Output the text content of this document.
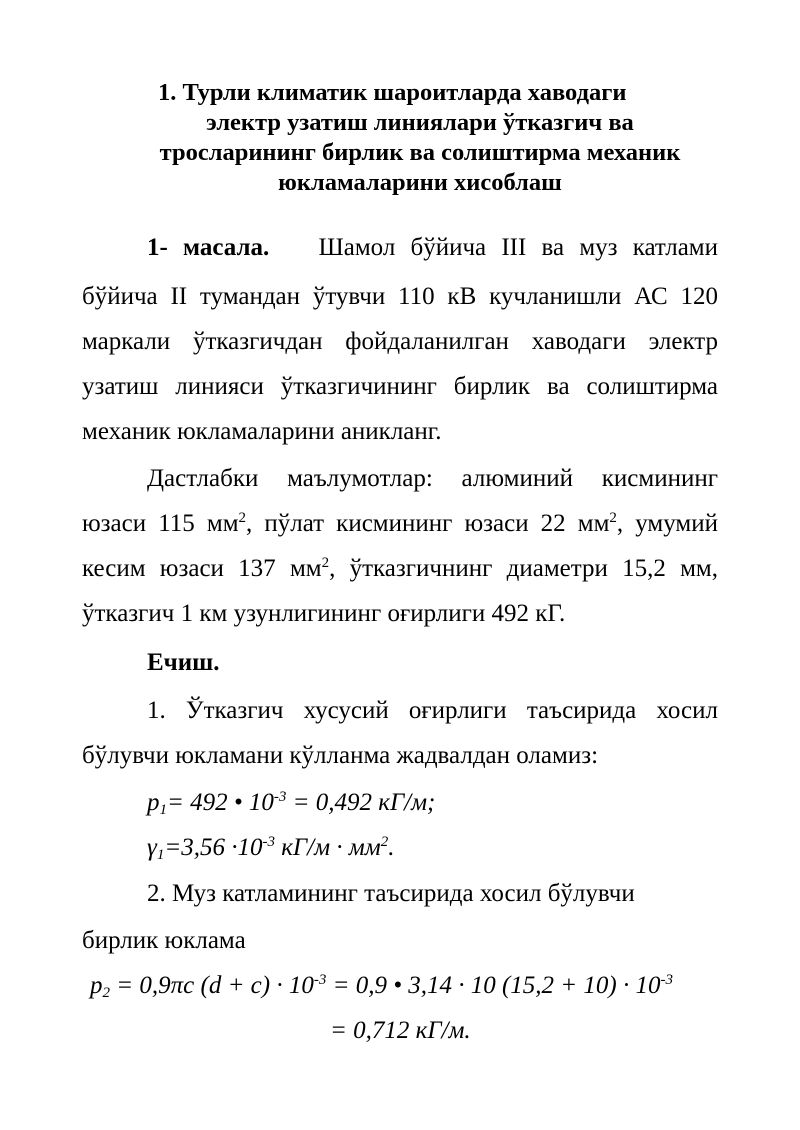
1. Турли климатик шароитларда хаводаги
электр узатиш линиялари ўтказгич ва
тросларининг бирлик ва солиштирма механик
юкламаларини хисоблаш
1- масала. Шамол бўйича III ва муз катлами
бўйича II тумандан ўтувчи 110 кВ кучланишли АС 120
маркали ўтказгичдан фойдаланилган хаводаги электр
узатиш линияси ўтказгичининг бирлик ва солиштирма
механик юкламаларини аникланг.
Дастлабки маълумотлар: алюминий кисмининг
юзаси 115 $мм^2$, пўлат кисмининг юзаси 22 $мм^2$, умумий
кесим юзаси 137 $мм^2$, ўтказгичнинг диаметри 15,2 мм,
ўтказгич 1 км узунлигининг оғирлиги 492 кГ.
Ечиш.
1. Ўтказгич хусусий оғирлиги таъсирида хосил
бўлувчи юкламани кўлланма жадвалдан оламиз:
$p_1= 492$ • $10^{-3} = 0,492$ кГ/м;
$\gamma_1=3,56 \cdot 10^{-3}$ $кГ/м \cdot мм^2$.
2. Муз катламининг таъсирида хосил бўлувчи
бирлик юклама
$p_2 = 0,9\pi c$ $(d + c) \cdot 10^{-3} = 0,9$ • 3,14 · 10 $(15,2 + 10) \cdot 10^{-3}$
= 0,712 кГ/м.
